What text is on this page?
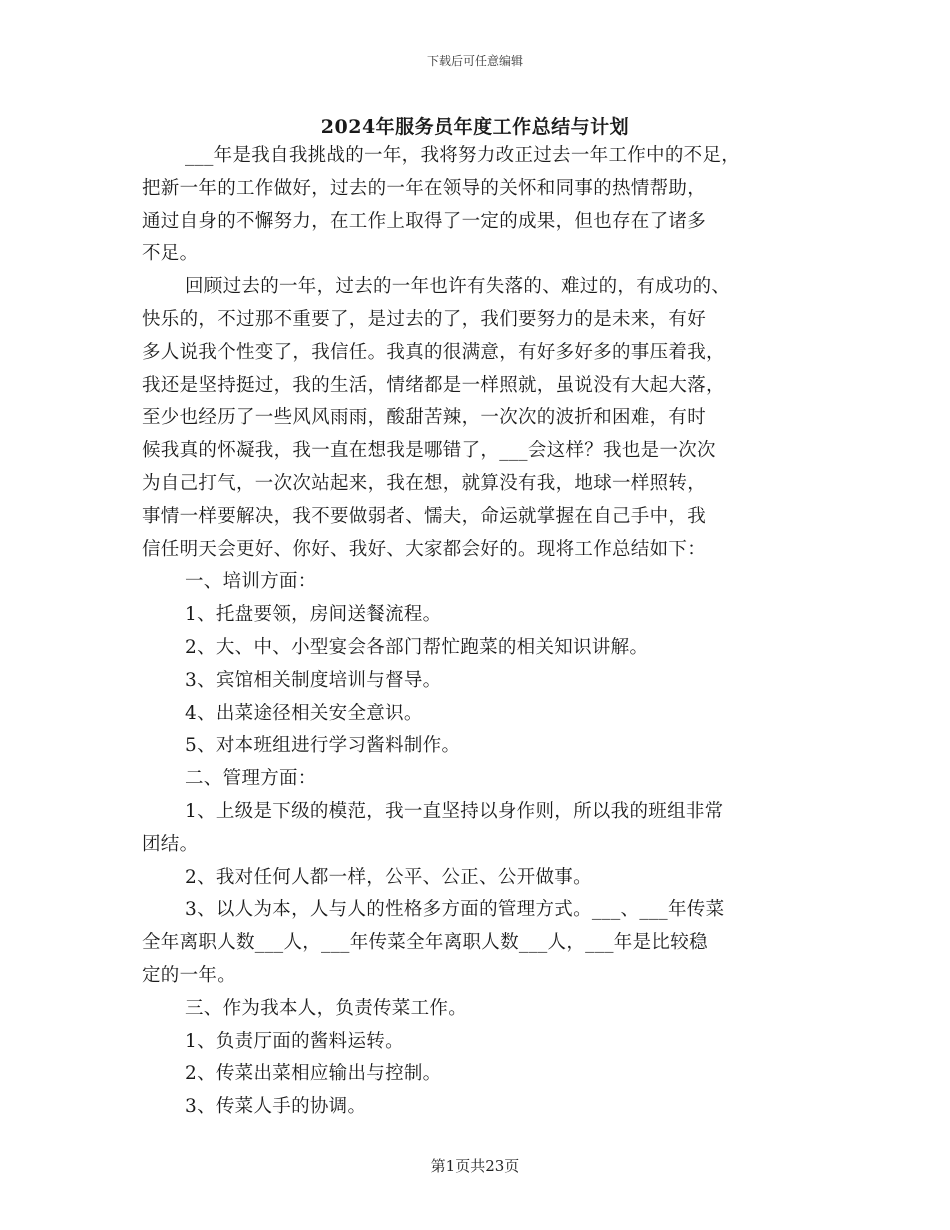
下载后可任意编辑
2024年服务员年度工作总结与计划
___年是我自我挑战的一年，我将努力改正过去一年工作中的不足，
把新一年的工作做好，过去的一年在领导的关怀和同事的热情帮助，
通过自身的不懈努力，在工作上取得了一定的成果，但也存在了诸多
不足。
回顾过去的一年，过去的一年也许有失落的、难过的，有成功的、
快乐的，不过那不重要了，是过去的了，我们要努力的是未来，有好
多人说我个性变了，我信任。我真的很满意，有好多好多的事压着我，
我还是坚持挺过，我的生活，情绪都是一样照就，虽说没有大起大落，
至少也经历了一些风风雨雨，酸甜苦辣，一次次的波折和困难，有时
候我真的怀凝我，我一直在想我是哪错了，___会这样？我也是一次次
为自己打气，一次次站起来，我在想，就算没有我，地球一样照转，
事情一样要解决，我不要做弱者、懦夫，命运就掌握在自己手中，我
信任明天会更好、你好、我好、大家都会好的。现将工作总结如下：
一、培训方面：
1、托盘要领，房间送餐流程。
2、大、中、小型宴会各部门帮忙跑菜的相关知识讲解。
3、宾馆相关制度培训与督导。
4、出菜途径相关安全意识。
5、对本班组进行学习酱料制作。
二、管理方面：
1、上级是下级的模范，我一直坚持以身作则，所以我的班组非常
团结。
2、我对任何人都一样，公平、公正、公开做事。
3、以人为本，人与人的性格多方面的管理方式。___、___年传菜
全年离职人数___人，___年传菜全年离职人数___人，___年是比较稳
定的一年。
三、作为我本人，负责传菜工作。
1、负责厅面的酱料运转。
2、传菜出菜相应输出与控制。
3、传菜人手的协调。
第1页共23页
